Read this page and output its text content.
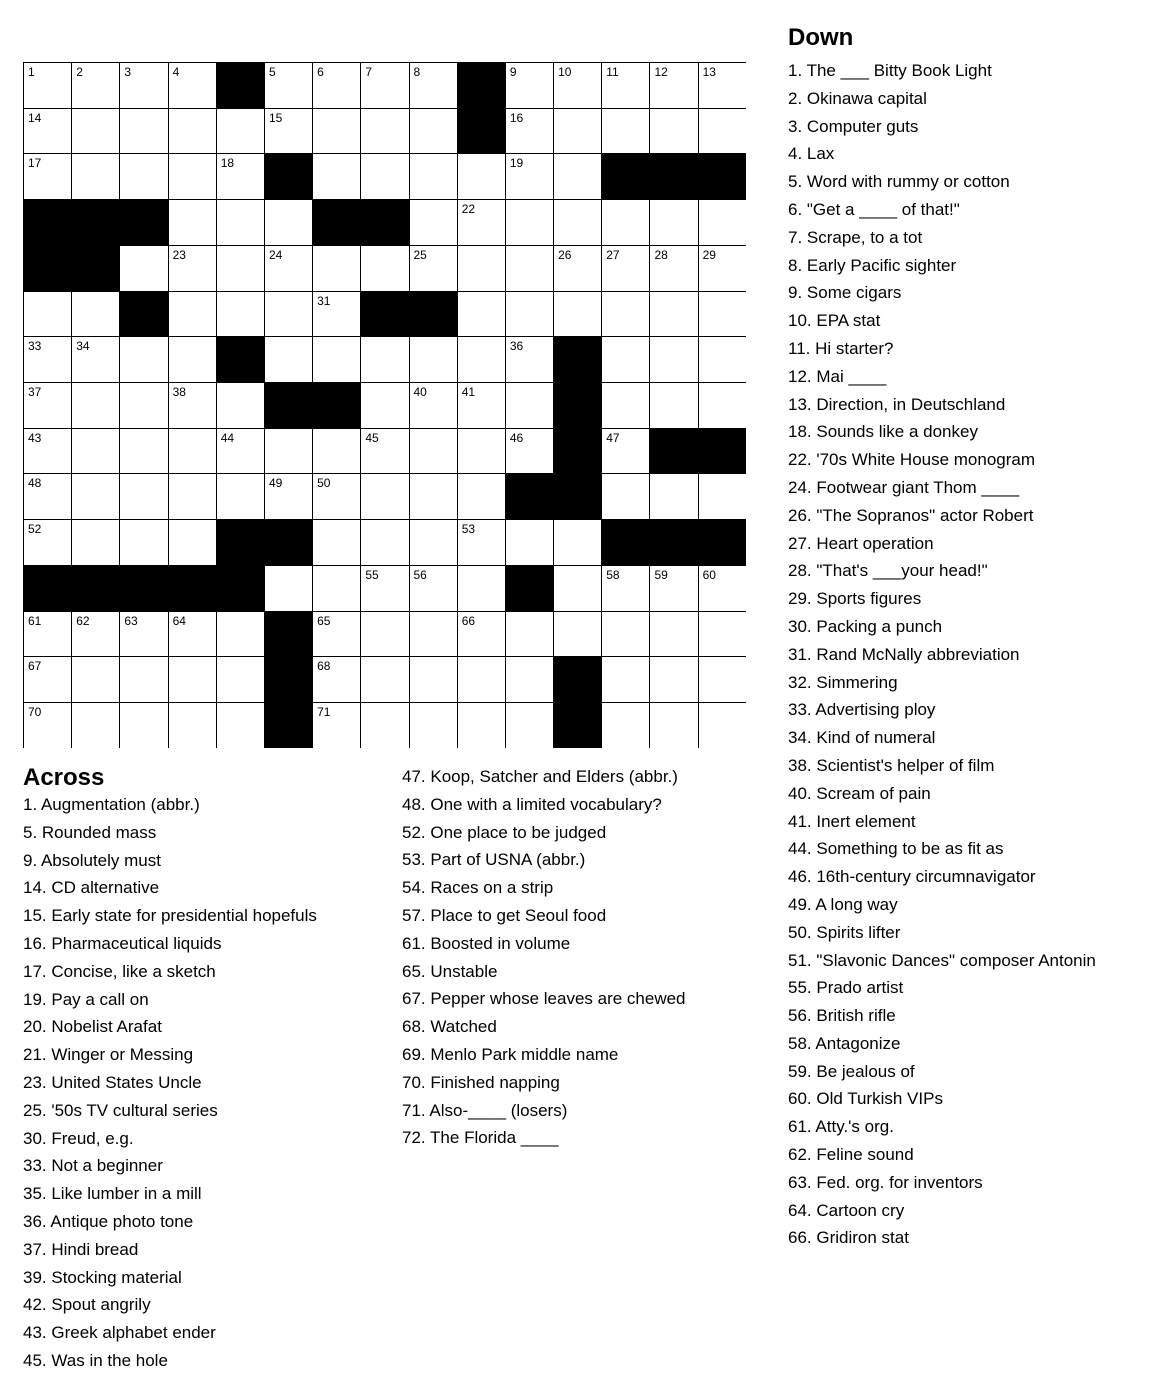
1	2	3	4	5	6	7	8	9	10	11	12	13
14	15	16
17	18	19
22
23	24	25	26	27	28	29
31
33	34	36
37	38	40	41
43	44	45	46	47
48	49	50
52	53
55	56	58	59	60
61	62	63	64	65	66
67	68
70	71
Down
1. The ___ Bitty Book Light
2. Okinawa capital
3. Computer guts
4. Lax
5. Word with rummy or cotton
6. "Get a ____ of that!"
7. Scrape, to a tot
8. Early Pacific sighter
9. Some cigars
10. EPA stat
11. Hi starter?
12. Mai ____
13. Direction, in Deutschland
18. Sounds like a donkey
22. '70s White House monogram
24. Footwear giant Thom ____
26. "The Sopranos" actor Robert
27. Heart operation
28. "That's ___your head!"
29. Sports figures
30. Packing a punch
31. Rand McNally abbreviation
32. Simmering
33. Advertising ploy
34. Kind of numeral
38. Scientist's helper of film
40. Scream of pain
41. Inert element
44. Something to be as fit as
46. 16th-century circumnavigator
49. A long way
50. Spirits lifter
51. "Slavonic Dances" composer Antonin
55. Prado artist
56. British rifle
58. Antagonize
59. Be jealous of
60. Old Turkish VIPs
61. Atty.'s org.
62. Feline sound
63. Fed. org. for inventors
64. Cartoon cry
66. Gridiron stat
Across
1. Augmentation (abbr.)
5. Rounded mass
9. Absolutely must
14. CD alternative
15. Early state for presidential hopefuls
16. Pharmaceutical liquids
17. Concise, like a sketch
19. Pay a call on
20. Nobelist Arafat
21. Winger or Messing
23. United States Uncle
25. '50s TV cultural series
30. Freud, e.g.
33. Not a beginner
35. Like lumber in a mill
36. Antique photo tone
37. Hindi bread
39. Stocking material
42. Spout angrily
43. Greek alphabet ender
45. Was in the hole
47. Koop, Satcher and Elders (abbr.)
48. One with a limited vocabulary?
52. One place to be judged
53. Part of USNA (abbr.)
54. Races on a strip
57. Place to get Seoul food
61. Boosted in volume
65. Unstable
67. Pepper whose leaves are chewed
68. Watched
69. Menlo Park middle name
70. Finished napping
71. Also-____ (losers)
72. The Florida ____
